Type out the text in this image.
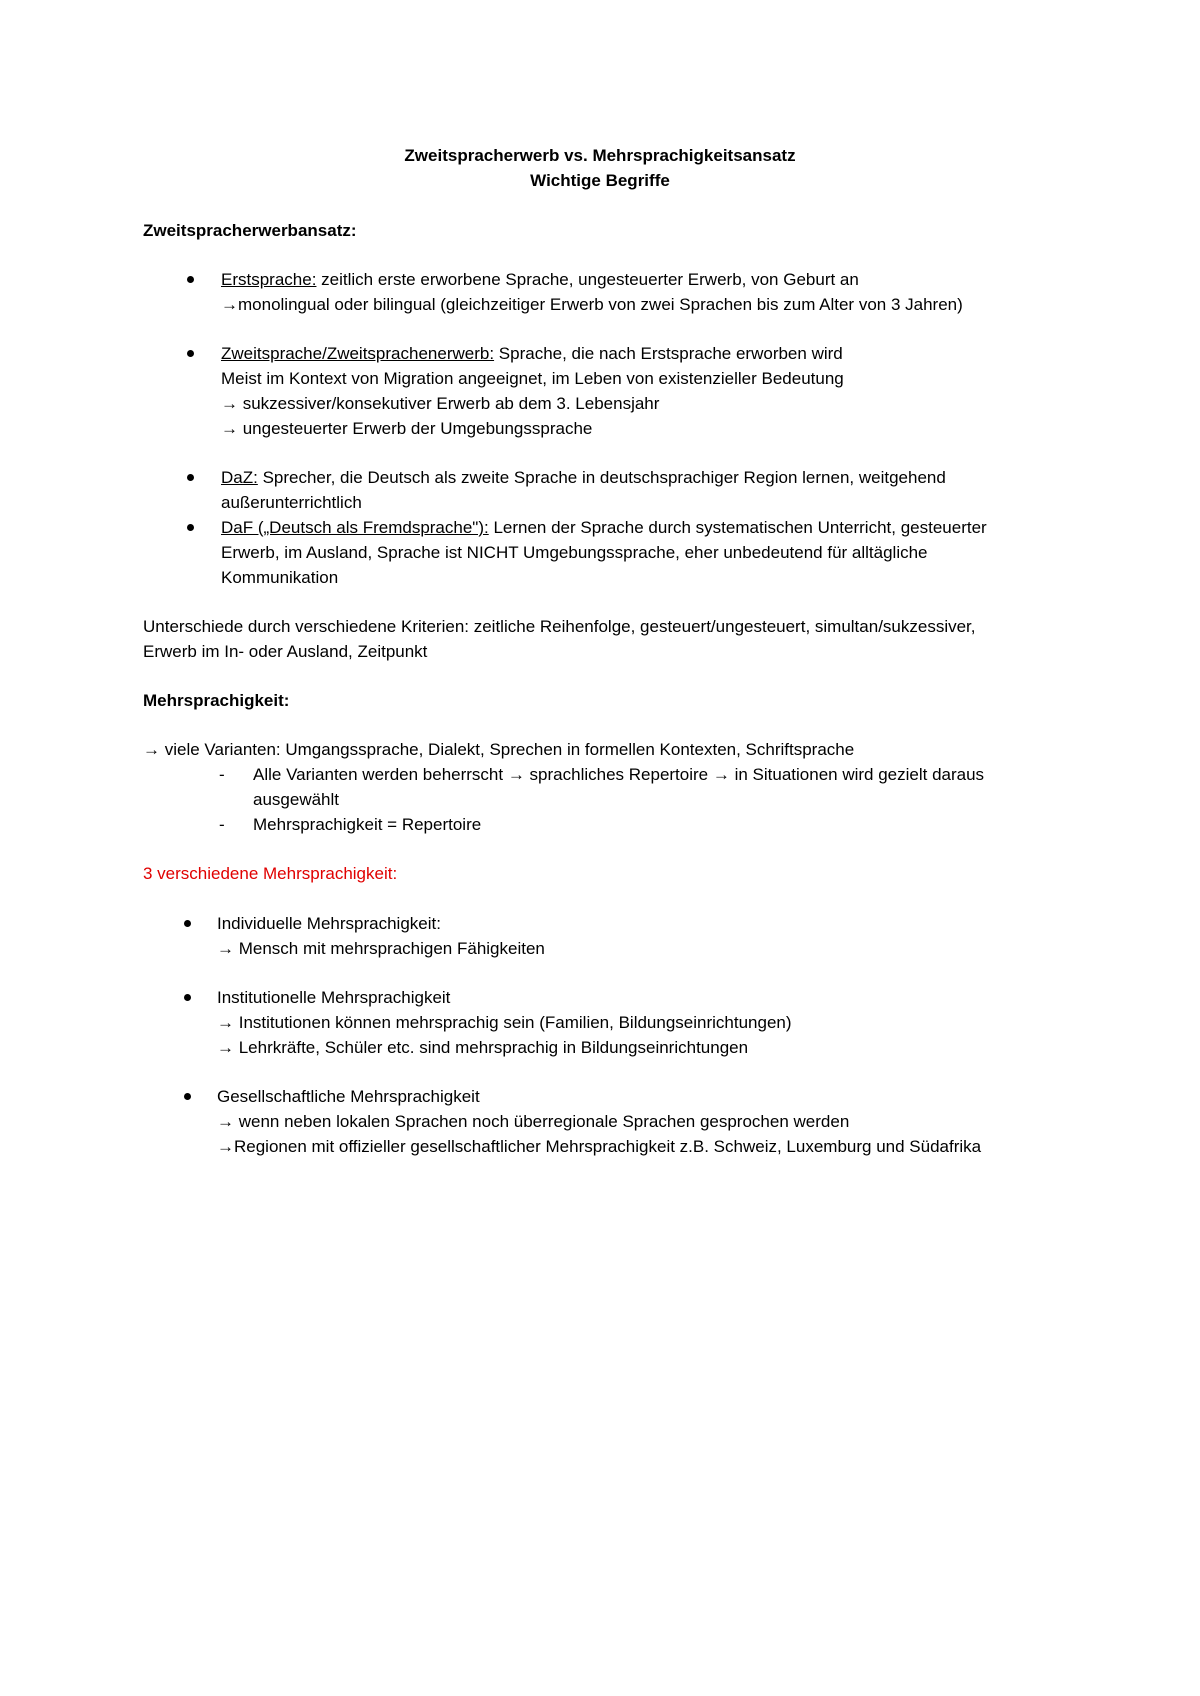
Zweitspracherwerb vs. Mehrsprachigkeitsansatz
Wichtige Begriffe
Zweitspracherwerbansatz:
Erstsprache: zeitlich erste erworbene Sprache, ungesteuerter Erwerb, von Geburt an
→monolingual oder bilingual (gleichzeitiger Erwerb von zwei Sprachen bis zum Alter von 3 Jahren)
Zweitsprache/Zweitsprachenerwerb: Sprache, die nach Erstsprache erworben wird
Meist im Kontext von Migration angeeignet, im Leben von existenzieller Bedeutung
→ sukzessiver/konsekutiver Erwerb ab dem 3. Lebensjahr
→ ungesteuerter Erwerb der Umgebungssprache
DaZ: Sprecher, die Deutsch als zweite Sprache in deutschsprachiger Region lernen, weitgehend
außerunterrichtlich
DaF („Deutsch als Fremdsprache"): Lernen der Sprache durch systematischen Unterricht, gesteuerter
Erwerb, im Ausland, Sprache ist NICHT Umgebungssprache, eher unbedeutend für alltägliche
Kommunikation
Unterschiede durch verschiedene Kriterien: zeitliche Reihenfolge, gesteuert/ungesteuert, simultan/sukzessiver,
Erwerb im In- oder Ausland, Zeitpunkt
Mehrsprachigkeit:
→ viele Varianten: Umgangssprache, Dialekt, Sprechen in formellen Kontexten, Schriftsprache
- Alle Varianten werden beherrscht → sprachliches Repertoire → in Situationen wird gezielt daraus
ausgewählt
- Mehrsprachigkeit = Repertoire
3 verschiedene Mehrsprachigkeit:
Individuelle Mehrsprachigkeit:
→ Mensch mit mehrsprachigen Fähigkeiten
Institutionelle Mehrsprachigkeit
→ Institutionen können mehrsprachig sein (Familien, Bildungseinrichtungen)
→ Lehrkräfte, Schüler etc. sind mehrsprachig in Bildungseinrichtungen
Gesellschaftliche Mehrsprachigkeit
→ wenn neben lokalen Sprachen noch überregionale Sprachen gesprochen werden
→Regionen mit offizieller gesellschaftlicher Mehrsprachigkeit z.B. Schweiz, Luxemburg und Südafrika
